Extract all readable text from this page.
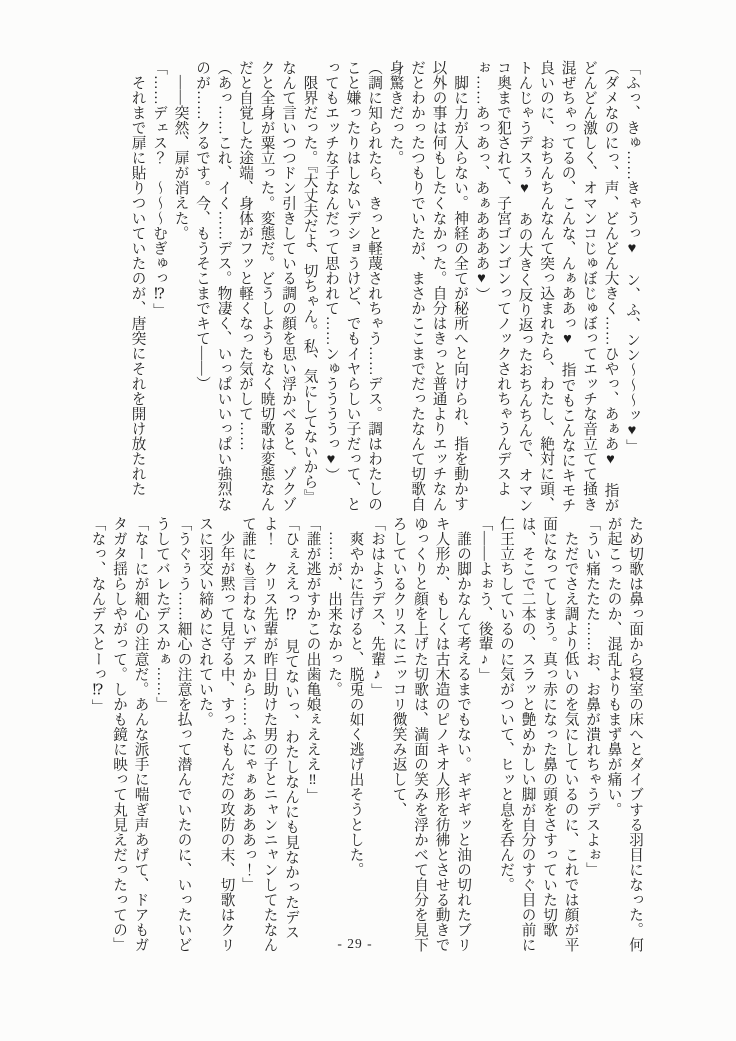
「ふっ、きゅ……きゃうっ♥　ン、ふ、ンン〜〜〜ッ♥」

（ダメなのにっ、声、どんどん大きく……ひやっ、あぁあ♥　指がどんどん激しく、オマンコじゅぼじゅぼってエッチな音立てて掻き混ぜちゃってるの、こんな、んぁああっ♥　指でもこんなにキモチ良いのに、おちんちんなんて突っ込まれたら、わたし、絶対に頭、トんじゃうデスぅ♥　あの大きく反り返ったおちんちんで、オマンコ奥まで犯されて、子宮ゴンゴンってノックされちゃうんデスよぉ……あっあっ、あぁああああ♥）

脚に力が入らない。神経の全てが秘所へと向けられ、指を動かす以外の事は何もしたくなかった。自分はきっと普通よりエッチなんだとわかったつもりでいたが、まさかここまでだったなんて切歌自身驚きだった。

（調に知られたら、きっと軽蔑されちゃう……デス。調はわたしのこと嫌ったりはしないデショうけど、でもイヤらしい子だって、とってもエッチな子なんだって思われて……ンゅううううっ♥）

限界だった。『大丈夫だよ、切ちゃん。私、気にしてないから』なんて言いつつドン引きしている調の顔を思い浮かべると、ゾクゾクと全身が粟立った。変態だ。どうしようもなく暁切歌は変態なんだと自覚した途端、身体がフッと軽くなった気がして……

（あっ……これ、イく……デス。物凄く、いっぱいいっぱい強烈なのが……クるです。今、もうそこまでキて――）

――突然、扉が消えた。

「……デェス？　〜〜〜むぎゅっ⁉」

それまで扉に貼りついていたのが、唐突にそれを開け放たれた

ため切歌は鼻っ面から寝室の床へとダイブする羽目になった。何が起こったのか、混乱よりもまず鼻が痛い。

「うい痛たたた……お、お鼻が潰れちゃうデスよぉ」

ただでさえ調より低いのを気にしているのに、これでは顔が平面になってしまう。真っ赤になった鼻の頭をさすっていた切歌は、そこで二本の、スラッと艶めかしい脚が自分のすぐ目の前に仁王立ちしているのに気がついて、ヒッと息を呑んだ。

「――よぉう、後輩♪」

誰の脚かなんて考えるまでもない。ギギギッと油の切れたブリキ人形か、もしくは古木造のピノキオ人形を彷彿とさせる動きでゆっくりと顔を上げた切歌は、満面の笑みを浮かべて自分を見下ろしているクリスにニッコリ微笑み返して、

「おはようデス、先輩♪」

爽やかに告げると、脱兎の如く逃げ出そうとした。

……が、出来なかった。

「誰が逃がすかこの出歯亀娘ぇえええ‼」

「ひぇええっ⁉　見てないっ、わたしなんにも見なかったデスよ！　クリス先輩が昨日助けた男の子とニャンニャンしてたなんて誰にも言わないデスから……ふにゃぁああああっ！」

少年が黙って見守る中、すったもんだの攻防の末、切歌はクリスに羽交い締めにされていた。

「うぐぅう……細心の注意を払って潜んでいたのに、いったいどうしてバレたデスかぁ……」

「なーにが細心の注意だ。あんな派手に喘ぎ声あげて、ドアもガタガタ揺らしやがって。しかも鏡に映って丸見えだったっての」

「なっ、なんデスとーっ⁉」

- 29 -
